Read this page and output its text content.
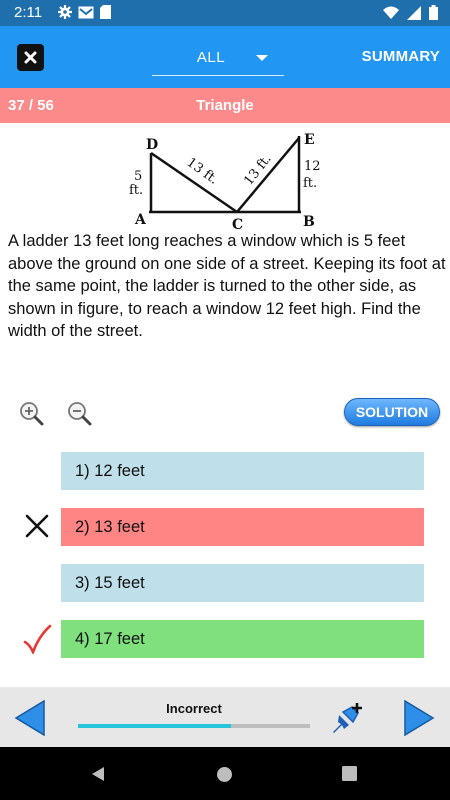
2:11
ALL	SUMMARY
37 / 56	Triangle
D
A	C	B
E
5
ft.
12
ft.
13 ft. 13 ft.
A ladder 13 feet long reaches a window which is 5 feet above the ground on one side of a street. Keeping its foot at the same point, the ladder is turned to the other side, as shown in figure, to reach a window 12 feet high. Find the width of the street.
SOLUTION
1) 12 feet
2) 13 feet
3) 15 feet
4) 17 feet
Incorrect
